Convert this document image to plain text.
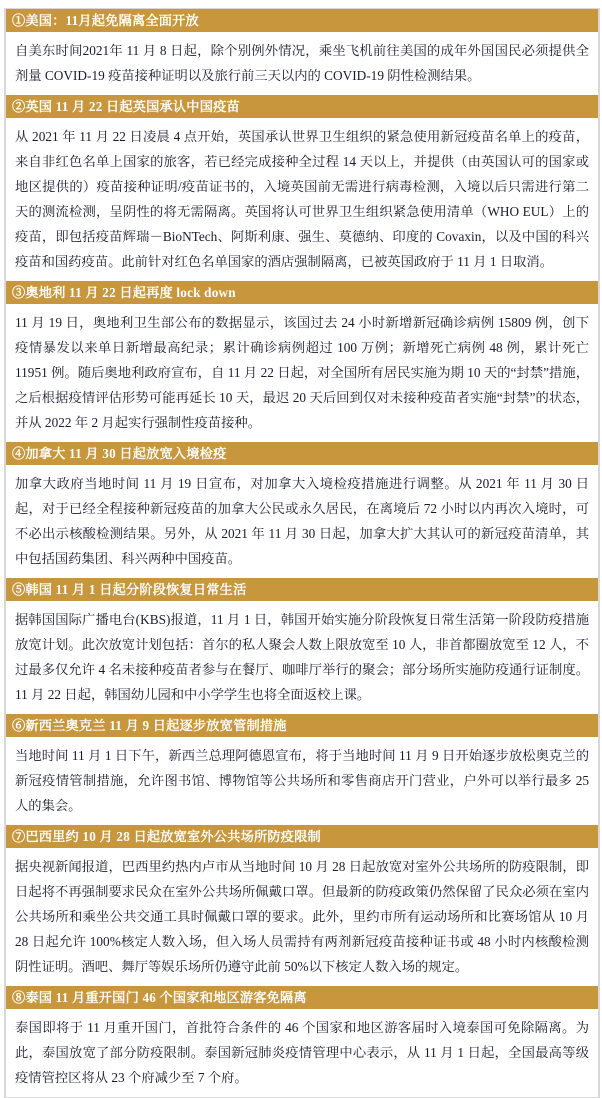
①美国：11月起免隔离全面开放

自美东时间2021年 11 月 8 日起，除个别例外情况，乘坐飞机前往美国的成年外国国民必须提供全剂量 COVID-19 疫苗接种证明以及旅行前三天以内的 COVID-19 阴性检测结果。

②英国 11 月 22 日起英国承认中国疫苗

从 2021 年 11 月 22 日凌晨 4 点开始，英国承认世界卫生组织的紧急使用新冠疫苗名单上的疫苗，来自非红色名单上国家的旅客，若已经完成接种全过程 14 天以上，并提供（由英国认可的国家或地区提供的）疫苗接种证明/疫苗证书的，入境英国前无需进行病毒检测，入境以后只需进行第二天的测流检测，呈阴性的将无需隔离。英国将认可世界卫生组织紧急使用清单（WHO EUL）上的疫苗，即包括疫苗辉瑞－BioNTech、阿斯利康、强生、莫德纳、印度的 Covaxin，以及中国的科兴疫苗和国药疫苗。此前针对红色名单国家的酒店强制隔离，已被英国政府于 11 月 1 日取消。

③奥地利 11 月 22 日起再度 lock down

11 月 19 日，奥地利卫生部公布的数据显示，该国过去 24 小时新增新冠确诊病例 15809 例，创下疫情暴发以来单日新增最高纪录；累计确诊病例超过 100 万例；新增死亡病例 48 例，累计死亡 11951 例。随后奥地利政府宣布，自 11 月 22 日起，对全国所有居民实施为期 10 天的“封禁”措施，之后根据疫情评估形势可能再延长 10 天，最迟 20 天后回到仅对未接种疫苗者实施“封禁”的状态，并从 2022 年 2 月起实行强制性疫苗接种。

④加拿大 11 月 30 日起放宽入境检疫

加拿大政府当地时间 11 月 19 日宣布，对加拿大入境检疫措施进行调整。从 2021 年 11 月 30 日起，对于已经全程接种新冠疫苗的加拿大公民或永久居民，在离境后 72 小时以内再次入境时，可不必出示核酸检测结果。另外，从 2021 年 11 月 30 日起，加拿大扩大其认可的新冠疫苗清单，其中包括国药集团、科兴两种中国疫苗。

⑤韩国 11 月 1 日起分阶段恢复日常生活

据韩国国际广播电台(KBS)报道，11 月 1 日，韩国开始实施分阶段恢复日常生活第一阶段防疫措施放宽计划。此次放宽计划包括：首尔的私人聚会人数上限放宽至 10 人，非首都圈放宽至 12 人，不过最多仅允许 4 名未接种疫苗者参与在餐厅、咖啡厅举行的聚会；部分场所实施防疫通行证制度。11 月 22 日起，韩国幼儿园和中小学学生也将全面返校上课。

⑥新西兰奥克兰 11 月 9 日起逐步放宽管制措施

当地时间 11 月 1 日下午，新西兰总理阿德恩宣布，将于当地时间 11 月 9 日开始逐步放松奥克兰的新冠疫情管制措施，允许图书馆、博物馆等公共场所和零售商店开门营业，户外可以举行最多 25 人的集会。

⑦巴西里约 10 月 28 日起放宽室外公共场所防疫限制

据央视新闻报道，巴西里约热内卢市从当地时间 10 月 28 日起放宽对室外公共场所的防疫限制，即日起将不再强制要求民众在室外公共场所佩戴口罩。但最新的防疫政策仍然保留了民众必须在室内公共场所和乘坐公共交通工具时佩戴口罩的要求。此外，里约市所有运动场所和比赛场馆从 10 月 28 日起允许 100%核定人数入场，但入场人员需持有两剂新冠疫苗接种证书或 48 小时内核酸检测阴性证明。酒吧、舞厅等娱乐场所仍遵守此前 50%以下核定人数入场的规定。

⑧泰国 11 月重开国门 46 个国家和地区游客免隔离

泰国即将于 11 月重开国门，首批符合条件的 46 个国家和地区游客届时入境泰国可免除隔离。为此，泰国放宽了部分防疫限制。泰国新冠肺炎疫情管理中心表示，从 11 月 1 日起，全国最高等级疫情管控区将从 23 个府减少至 7 个府。
